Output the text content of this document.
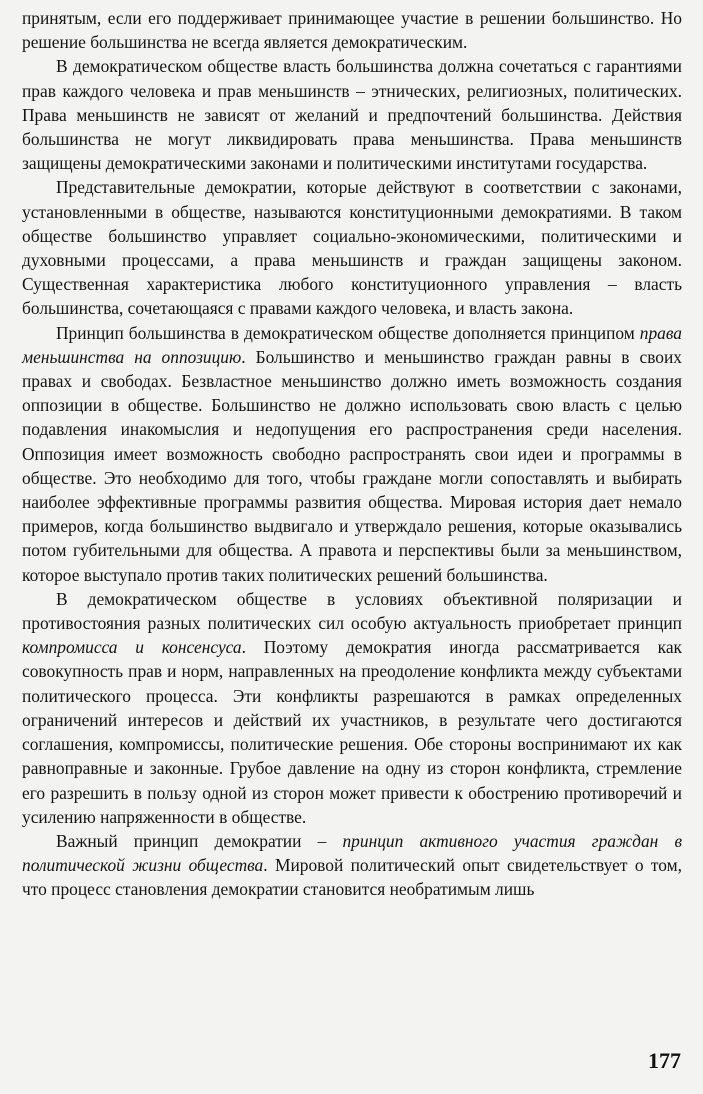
принятым, если его поддерживает принимающее участие в решении большинство. Но решение большинства не всегда является демократическим.

В демократическом обществе власть большинства должна сочетаться с гарантиями прав каждого человека и прав меньшинств – этнических, религиозных, политических. Права меньшинств не зависят от желаний и предпочтений большинства. Действия большинства не могут ликвидировать права меньшинства. Права меньшинств защищены демократическими законами и политическими институтами государства.

Представительные демократии, которые действуют в соответствии с законами, установленными в обществе, называются конституционными демократиями. В таком обществе большинство управляет социально-экономическими, политическими и духовными процессами, а права меньшинств и граждан защищены законом. Существенная характеристика любого конституционного управления – власть большинства, сочетающаяся с правами каждого человека, и власть закона.

Принцип большинства в демократическом обществе дополняется принципом права меньшинства на оппозицию. Большинство и меньшинство граждан равны в своих правах и свободах. Безвластное меньшинство должно иметь возможность создания оппозиции в обществе. Большинство не должно использовать свою власть с целью подавления инакомыслия и недопущения его распространения среди населения. Оппозиция имеет возможность свободно распространять свои идеи и программы в обществе. Это необходимо для того, чтобы граждане могли сопоставлять и выбирать наиболее эффективные программы развития общества. Мировая история дает немало примеров, когда большинство выдвигало и утверждало решения, которые оказывались потом губительными для общества. А правота и перспективы были за меньшинством, которое выступало против таких политических решений большинства.

В демократическом обществе в условиях объективной поляризации и противостояния разных политических сил особую актуальность приобретает принцип компромисса и консенсуса. Поэтому демократия иногда рассматривается как совокупность прав и норм, направленных на преодоление конфликта между субъектами политического процесса. Эти конфликты разрешаются в рамках определенных ограничений интересов и действий их участников, в результате чего достигаются соглашения, компромиссы, политические решения. Обе стороны воспринимают их как равноправные и законные. Грубое давление на одну из сторон конфликта, стремление его разрешить в пользу одной из сторон может привести к обострению противоречий и усилению напряженности в обществе.

Важный принцип демократии – принцип активного участия граждан в политической жизни общества. Мировой политический опыт свидетельствует о том, что процесс становления демократии становится необратимым лишь

177
